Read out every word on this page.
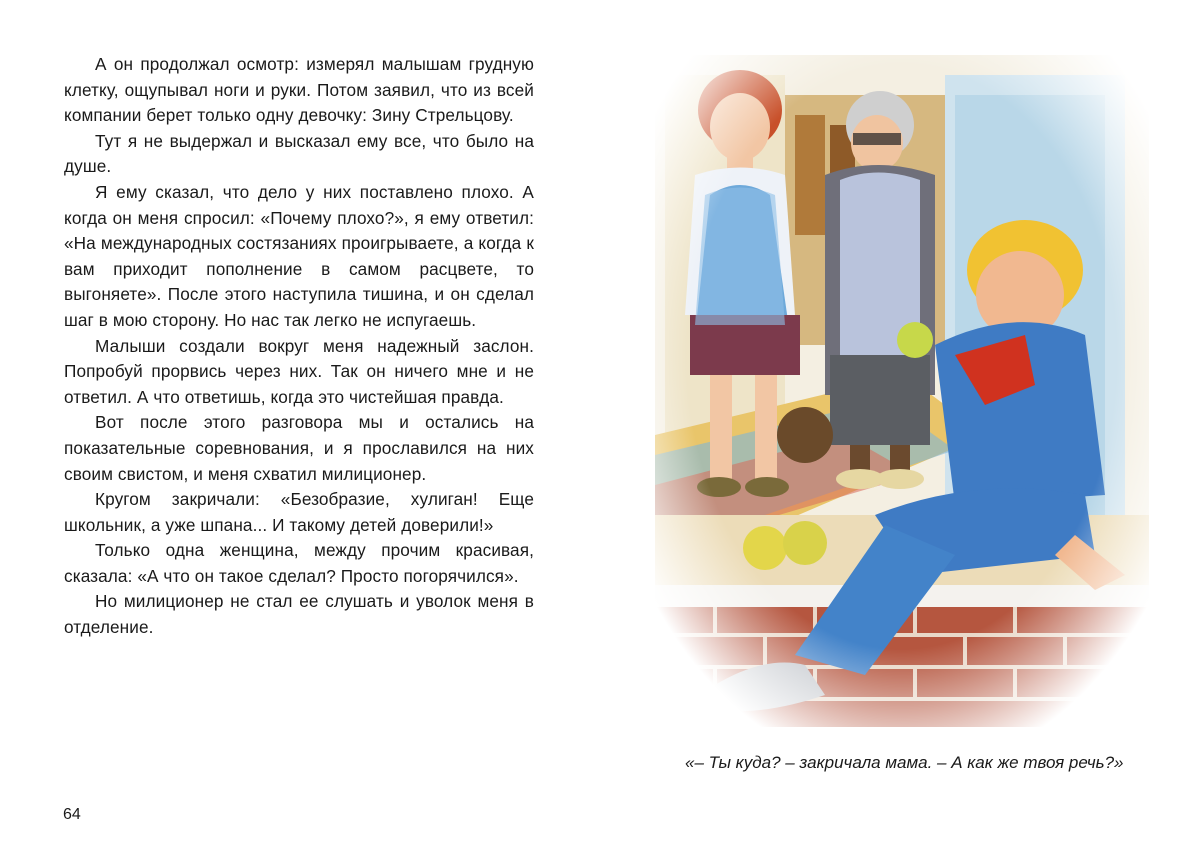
А он продолжал осмотр: измерял малышам грудную клетку, ощупывал ноги и руки. Потом заявил, что из всей компании берет только одну девочку: Зину Стрельцову.

Тут я не выдержал и высказал ему все, что было на душе.

Я ему сказал, что дело у них поставлено плохо. А когда он меня спросил: «Почему плохо?», я ему ответил: «На международных состязаниях проигрываете, а когда к вам приходит пополнение в самом расцвете, то выгоняете». После этого наступила тишина, и он сделал шаг в мою сторону. Но нас так легко не испугаешь.

Малыши создали вокруг меня надежный заслон. Попробуй прорвись через них. Так он ничего мне и не ответил. А что ответишь, когда это чистейшая правда.

Вот после этого разговора мы и остались на показательные соревнования, и я прославился на них своим свистом, и меня схватил милиционер.

Кругом закричали: «Безобразие, хулиган! Еще школьник, а уже шпана... И такому детей доверили!»

Только одна женщина, между прочим красивая, сказала: «А что он такое сделал? Просто погорячился».

Но милиционер не стал ее слушать и уволок меня в отделение.

64

«– Ты куда? – закричала мама. – А как же твоя речь?»
